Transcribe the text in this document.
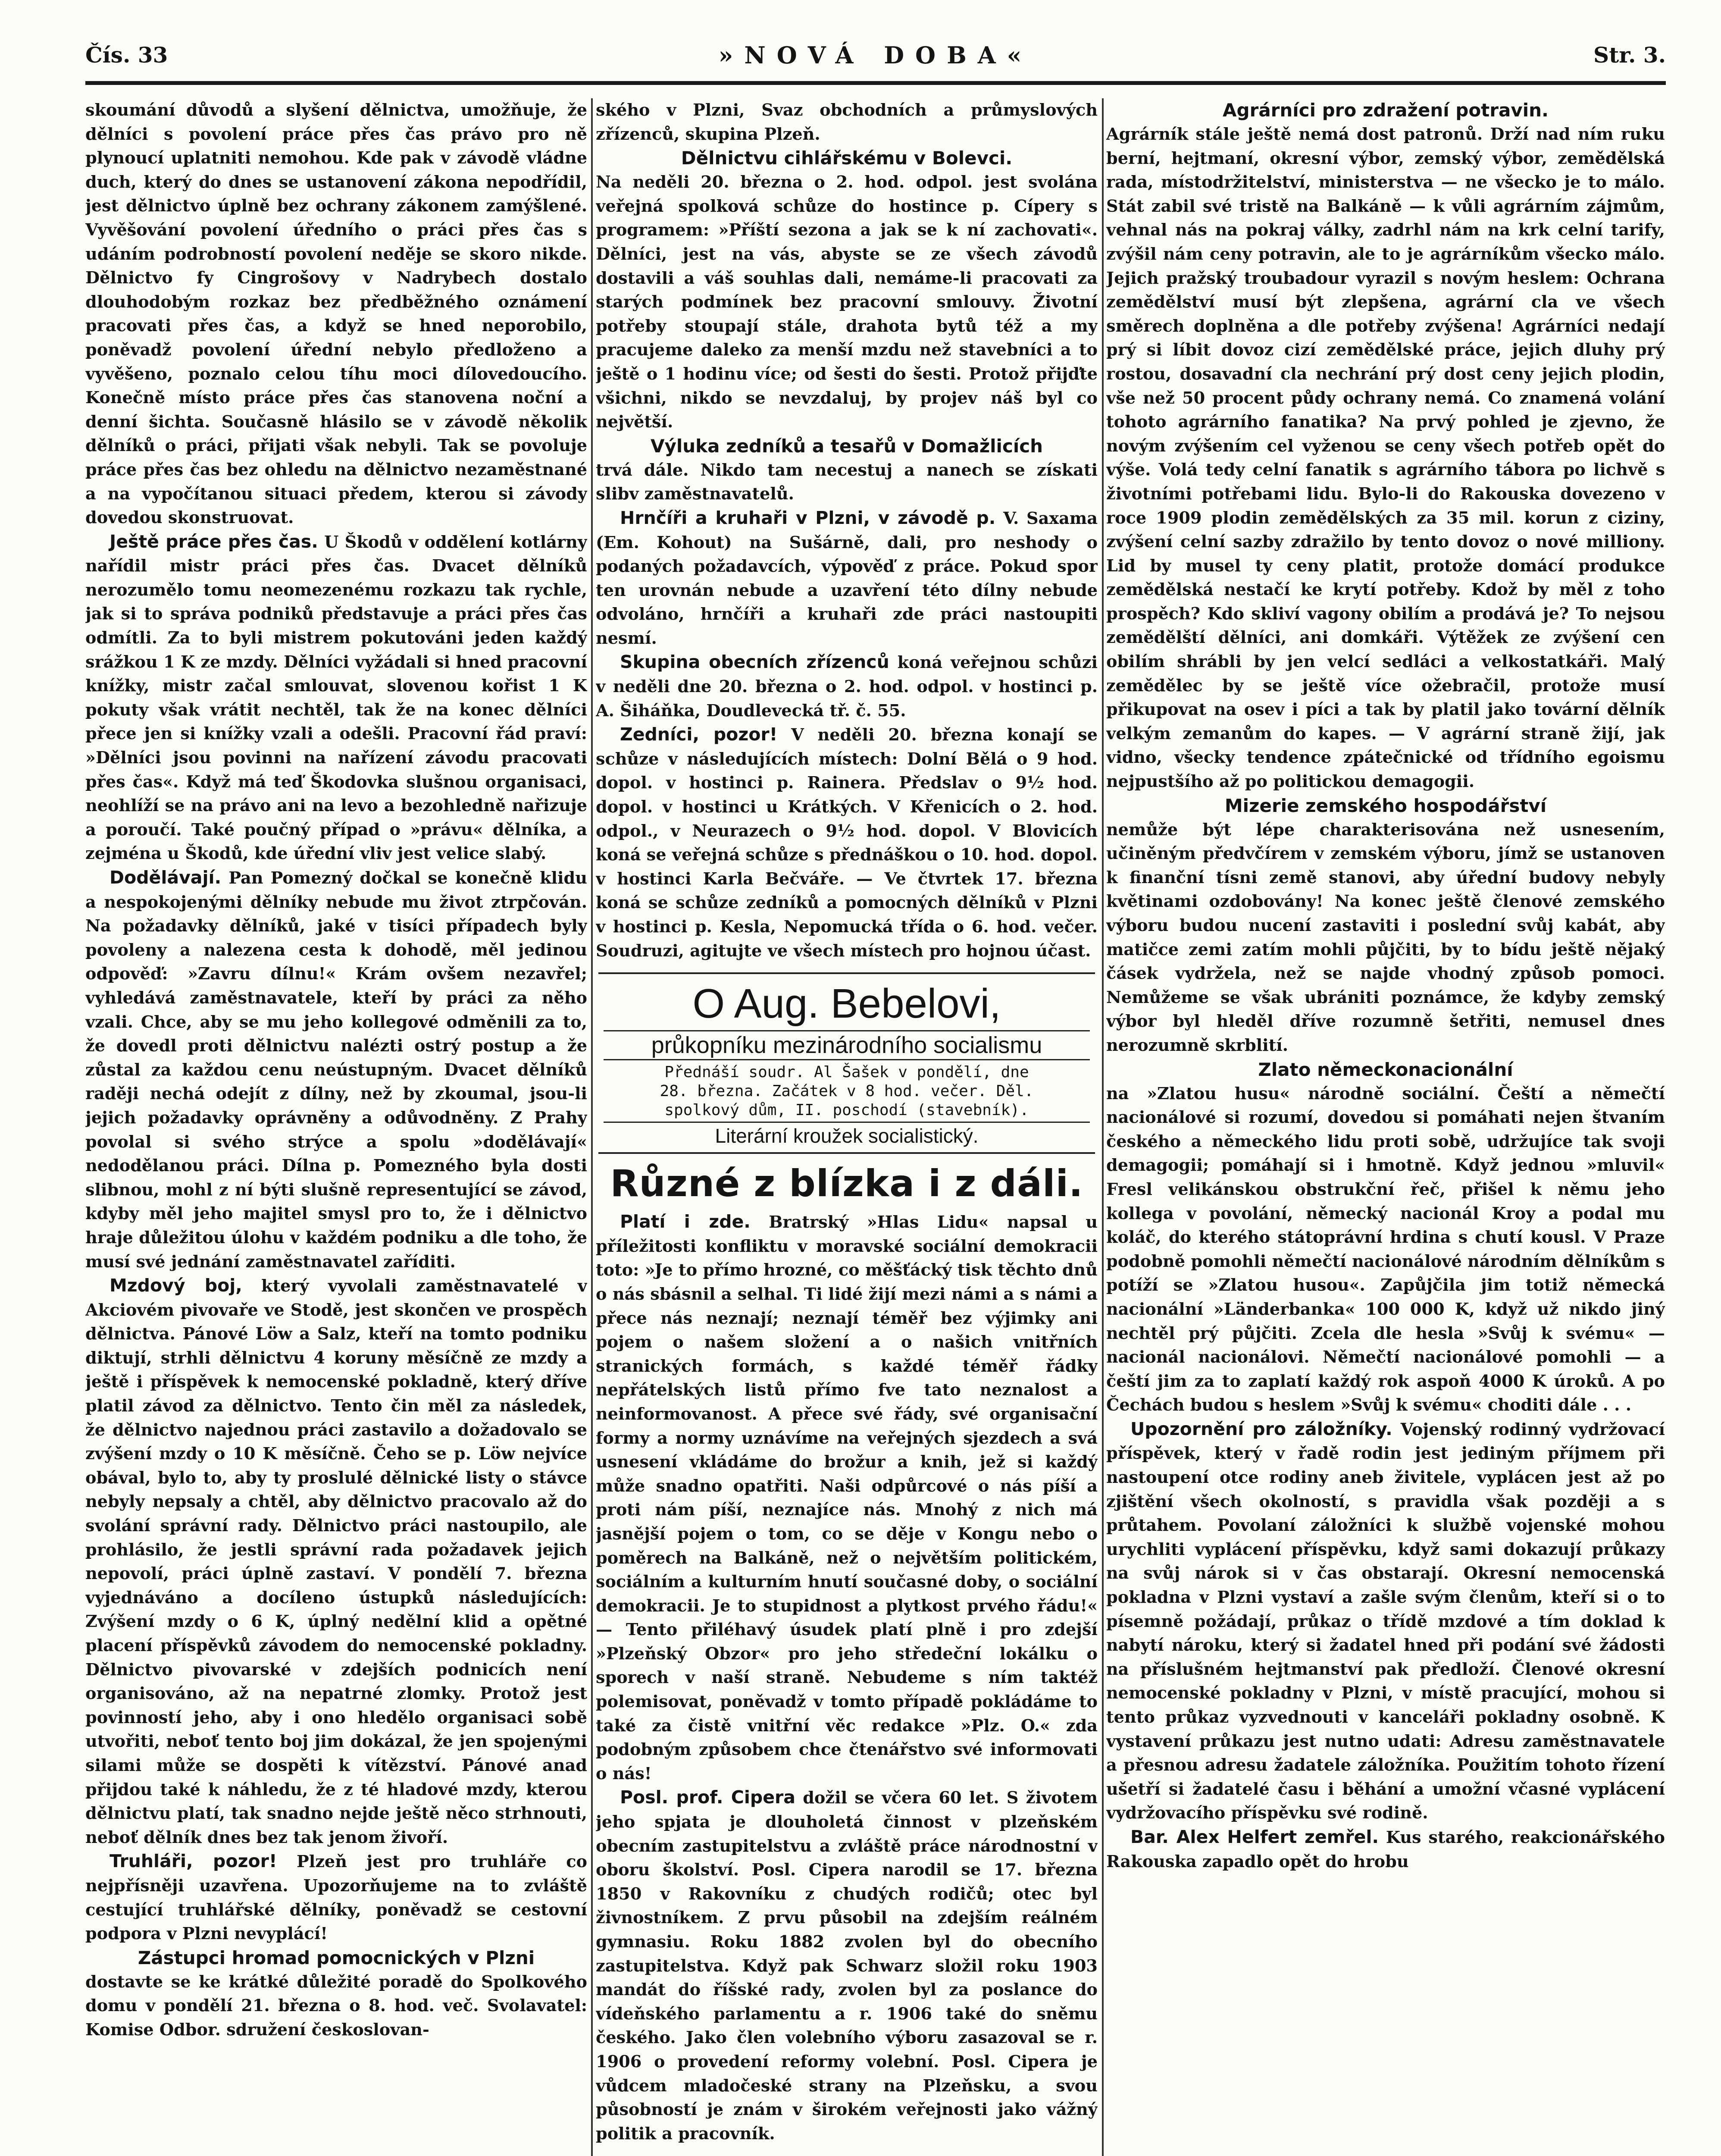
Čís. 33	»NOVÁ DOBA«	Str. 3.

skoumání důvodů a slyšení dělnictva, umožňuje, že dělníci s povolení práce přes čas právo pro ně plynoucí uplatniti nemohou. Kde pak v závodě vládne duch, který do dnes se ustanovení zákona nepodřídil, jest dělnictvo úplně bez ochrany zákonem zamýšlené. Vyvěšování povolení úředního o práci přes čas s udáním podrobností povolení neděje se skoro nikde. Dělnictvo fy Cingrošovy v Nadrybech dostalo dlouhodobým rozkaz bez předběžného oznámení pracovati přes čas, a když se hned neporobilo, poněvadž povolení úřední nebylo předloženo a vyvěšeno, poznalo celou tíhu moci dílovedoucího. Konečně místo práce přes čas stanovena noční a denní šichta. Současně hlásilo se v závodě několik dělníků o práci, přijati však nebyli. Tak se povoluje práce přes čas bez ohledu na dělnictvo nezaměstnané a na vypočítanou situaci předem, kterou si závody dovedou skonstruovat.

Ještě práce přes čas. U Škodů v oddělení kotlárny nařídil mistr práci přes čas. Dvacet dělníků nerozumělo tomu neomezenému rozkazu tak rychle, jak si to správa podniků představuje a práci přes čas odmítli. Za to byli mistrem pokutováni jeden každý srážkou 1 K ze mzdy. Dělníci vyžádali si hned pracovní knížky, mistr začal smlouvat, slovenou kořist 1 K pokuty však vrátit nechtěl, tak že na konec dělníci přece jen si knížky vzali a odešli. Pracovní řád praví: »Dělníci jsou povinni na nařízení závodu pracovati přes čas«. Když má teď Škodovka slušnou organisaci, neohlíží se na právo ani na levo a bezohledně nařizuje a poroučí. Také poučný případ o »právu« dělníka, a zejména u Škodů, kde úřední vliv jest velice slabý.

Dodělávají. Pan Pomezný dočkal se konečně klidu a nespokojenými dělníky nebude mu život ztrpčován. Na požadavky dělníků, jaké v tisíci případech byly povoleny a nalezena cesta k dohodě, měl jedinou odpověď: »Zavru dílnu!« Krám ovšem nezavřel; vyhledává zaměstnavatele, kteří by práci za něho vzali. Chce, aby se mu jeho kollegové odměnili za to, že dovedl proti dělnictvu nalézti ostrý postup a že zůstal za každou cenu neústupným. Dvacet dělníků raději nechá odejít z dílny, než by zkoumal, jsou-li jejich požadavky oprávněny a odůvodněny. Z Prahy povolal si svého strýce a spolu »dodělávají« nedodělanou práci. Dílna p. Pomezného byla dosti slibnou, mohl z ní býti slušně representující se závod, kdyby měl jeho majitel smysl pro to, že i dělnictvo hraje důležitou úlohu v každém podniku a dle toho, že musí své jednání zaměstnavatel zaříditi.

Mzdový boj, který vyvolali zaměstnavatelé v Akciovém pivovaře ve Stodě, jest skončen ve prospěch dělnictva. Pánové Löw a Salz, kteří na tomto podniku diktují, strhli dělnictvu 4 koruny měsíčně ze mzdy a ještě i příspěvek k nemocenské pokladně, který dříve platil závod za dělnictvo. Tento čin měl za následek, že dělnictvo najednou práci zastavilo a dožadovalo se zvýšení mzdy o 10 K měsíčně. Čeho se p. Löw nejvíce obával, bylo to, aby ty proslulé dělnické listy o stávce nebyly nepsaly a chtěl, aby dělnictvo pracovalo až do svolání správní rady. Dělnictvo práci nastoupilo, ale prohlásilo, že jestli správní rada požadavek jejich nepovolí, práci úplně zastaví. V pondělí 7. března vyjednáváno a docíleno ústupků následujících: Zvýšení mzdy o 6 K, úplný nedělní klid a opětné placení příspěvků závodem do nemocenské pokladny. Dělnictvo pivovarské v zdejších podnicích není organisováno, až na nepatrné zlomky. Protož jest povinností jeho, aby i ono hledělo organisaci sobě utvořiti, neboť tento boj jim dokázal, že jen spojenými silami může se dospěti k vítězství. Pánové anad přijdou také k náhledu, že z té hladové mzdy, kterou dělnictvu platí, tak snadno nejde ještě něco strhnouti, neboť dělník dnes bez tak jenom živoří.

Truhláři, pozor! Plzeň jest pro truhláře co nejpřísněji uzavřena. Upozorňujeme na to zvláště cestující truhlářské dělníky, poněvadž se cestovní podpora v Plzni nevyplácí!

Zástupci hromad pomocnických v Plzni

dostavte se ke krátké důležité poradě do Spolkového domu v pondělí 21. března o 8. hod. več. Svolavatel: Komise Odbor. sdružení českoslovan-

ského v Plzni, Svaz obchodních a průmyslových zřízenců, skupina Plzeň.

Dělnictvu cihlářskému v Bolevci.

Na neděli 20. března o 2. hod. odpol. jest svolána veřejná spolková schůze do hostince p. Cípery s programem: »Příští sezona a jak se k ní zachovati«. Dělníci, jest na vás, abyste se ze všech závodů dostavili a váš souhlas dali, nemáme-li pracovati za starých podmínek bez pracovní smlouvy. Životní potřeby stoupají stále, drahota bytů též a my pracujeme daleko za menší mzdu než stavebníci a to ještě o 1 hodinu více; od šesti do šesti. Protož přijďte všichni, nikdo se nevzdaluj, by projev náš byl co největší.

Výluka zedníků a tesařů v Domažlicích

trvá dále. Nikdo tam necestuj a nanech se získati slibv zaměstnavatelů.

Hrnčíři a kruhaři v Plzni, v závodě p. V. Saxama (Em. Kohout) na Sušárně, dali, pro neshody o podaných požadavcích, výpověď z práce. Pokud spor ten urovnán nebude a uzavření této dílny nebude odvoláno, hrnčíři a kruhaři zde práci nastoupiti nesmí.

Skupina obecních zřízenců koná veřejnou schůzi v neděli dne 20. března o 2. hod. odpol. v hostinci p. A. Šiháňka, Doudlevecká tř. č. 55.

Zedníci, pozor! V neděli 20. března konají se schůze v následujících místech: Dolní Bělá o 9 hod. dopol. v hostinci p. Rainera. Předslav o 9½ hod. dopol. v hostinci u Krátkých. V Křenicích o 2. hod. odpol., v Neurazech o 9½ hod. dopol. V Blovicích koná se veřejná schůze s přednáškou o 10. hod. dopol. v hostinci Karla Bečváře. — Ve čtvrtek 17. března koná se schůze zedníků a pomocných dělníků v Plzni v hostinci p. Kesla, Nepomucká třída o 6. hod. večer. Soudruzi, agitujte ve všech místech pro hojnou účast.

O Aug. Bebelovi,
průkopníku mezinárodního socialismu
Přednáší soudr. Al Šašek v pondělí, dne
28. března. Začátek v 8 hod. večer. Děl.
spolkový dům, II. poschodí (stavebník).
Literární kroužek socialistický.
Různé z blízka i z dáli.

Platí i zde. Bratrský »Hlas Lidu« napsal u příležitosti konfliktu v moravské sociální demokracii toto: »Je to přímo hrozné, co měšťácký tisk těchto dnů o nás sbásnil a selhal. Ti lidé žijí mezi námi a s námi a přece nás neznají; neznají téměř bez výjimky ani pojem o našem složení a o našich vnitřních stranických formách, s každé téměř řádky nepřátelských listů přímo fve tato neznalost a neinformovanost. A přece své řády, své organisační formy a normy uznávíme na veřejných sjezdech a svá usnesení vkládáme do brožur a knih, jež si každý může snadno opatřiti. Naši odpůrcové o nás píší a proti nám píší, neznajíce nás. Mnohý z nich má jasnější pojem o tom, co se děje v Kongu nebo o poměrech na Balkáně, než o největším politickém, sociálním a kulturním hnutí současné doby, o sociální demokracii. Je to stupidnost a plytkost prvého řádu!« — Tento přiléhavý úsudek platí plně i pro zdejší »Plzeňský Obzor« pro jeho středeční lokálku o sporech v naší straně. Nebudeme s ním taktéž polemisovat, poněvadž v tomto případě pokládáme to také za čistě vnitřní věc redakce »Plz. O.« zda podobným způsobem chce čtenářstvo své informovati o nás!

Posl. prof. Cipera dožil se včera 60 let. S životem jeho spjata je dlouholetá činnost v plzeňském obecním zastupitelstvu a zvláště práce národnostní v oboru školství. Posl. Cipera narodil se 17. března 1850 v Rakovníku z chudých rodičů; otec byl živnostníkem. Z prvu působil na zdejším reálném gymnasiu. Roku 1882 zvolen byl do obecního zastupitelstva. Když pak Schwarz složil roku 1903 mandát do říšské rady, zvolen byl za poslance do vídeňského parlamentu a r. 1906 také do sněmu českého. Jako člen volebního výboru zasazoval se r. 1906 o provedení reformy volební. Posl. Cipera je vůdcem mladočeské strany na Plzeňsku, a svou působností je znám v širokém veřejnosti jako vážný politik a pracovník.

Agrárníci pro zdražení potravin.

Agrárník stále ještě nemá dost patronů. Drží nad ním ruku berní, hejtmaní, okresní výbor, zemský výbor, zemědělská rada, místodržitelství, ministerstva — ne všecko je to málo. Stát zabil své tristě na Balkáně — k vůli agrárním zájmům, vehnal nás na pokraj války, zadrhl nám na krk celní tarify, zvýšil nám ceny potravin, ale to je agrárníkům všecko málo. Jejich pražský troubadour vyrazil s novým heslem: Ochrana zemědělství musí být zlepšena, agrární cla ve všech směrech doplněna a dle potřeby zvýšena! Agrárníci nedají prý si líbit dovoz cizí zemědělské práce, jejich dluhy prý rostou, dosavadní cla nechrání prý dost ceny jejich plodin, vše než 50 procent půdy ochrany nemá. Co znamená volání tohoto agrárního fanatika? Na prvý pohled je zjevno, že novým zvýšením cel vyženou se ceny všech potřeb opět do výše. Volá tedy celní fanatik s agrárního tábora po lichvě s životními potřebami lidu. Bylo-li do Rakouska dovezeno v roce 1909 plodin zemědělských za 35 mil. korun z ciziny, zvýšení celní sazby zdražilo by tento dovoz o nové milliony. Lid by musel ty ceny platit, protože domácí produkce zemědělská nestačí ke krytí potřeby. Kdož by měl z toho prospěch? Kdo skliví vagony obilím a prodává je? To nejsou zemědělští dělníci, ani domkáři. Výtěžek ze zvýšení cen obilím shrábli by jen velcí sedláci a velkostatkáři. Malý zemědělec by se ještě více ožebračil, protože musí přikupovat na osev i píci a tak by platil jako tovární dělník velkým zemanům do kapes. — V agrární straně žijí, jak vidno, všecky tendence zpátečnické od třídního egoismu nejpustšího až po politickou demagogii.

Mizerie zemského hospodářství

nemůže být lépe charakterisována než usnesením, učiněným předvčírem v zemském výboru, jímž se ustanoven k finanční tísni země stanovi, aby úřední budovy nebyly květinami ozdobovány! Na konec ještě členové zemského výboru budou nucení zastaviti i poslední svůj kabát, aby matičce zemi zatím mohli půjčiti, by to bídu ještě nějaký čásek vydržela, než se najde vhodný způsob pomoci. Nemůžeme se však ubrániti poznámce, že kdyby zemský výbor byl hleděl dříve rozumně šetřiti, nemusel dnes nerozumně skrblití.

Zlato německonacionální

na »Zlatou husu« národně sociální. Čeští a němečtí nacionálové si rozumí, dovedou si pomáhati nejen štvaním českého a německého lidu proti sobě, udržujíce tak svoji demagogii; pomáhají si i hmotně. Když jednou »mluvil« Fresl velikánskou obstrukční řeč, přišel k němu jeho kollega v povolání, německý nacionál Kroy a podal mu koláč, do kterého státoprávní hrdina s chutí kousl. V Praze podobně pomohli němečtí nacionálové národním dělníkům s potíží se »Zlatou husou«. Zapůjčila jim totiž německá nacionální »Länderbanka« 100 000 K, když už nikdo jiný nechtěl prý půjčiti. Zcela dle hesla »Svůj k svému« — nacionál nacionálovi. Němečtí nacionálové pomohli — a čeští jim za to zaplatí každý rok aspoň 4000 K úroků. A po Čechách budou s heslem »Svůj k svému« choditi dále . . .

Upozornění pro záložníky. Vojenský rodinný vydržovací příspěvek, který v řadě rodin jest jediným příjmem při nastoupení otce rodiny aneb živitele, vyplácen jest až po zjištění všech okolností, s pravidla však později a s průtahem. Povolaní záložníci k službě vojenské mohou urychliti vyplácení příspěvku, když sami dokazují průkazy na svůj nárok si v čas obstarají. Okresní nemocenská pokladna v Plzni vystaví a zašle svým členům, kteří si o to písemně požádají, průkaz o třídě mzdové a tím doklad k nabytí nároku, který si žadatel hned při podání své žádosti na příslušném hejtmanství pak předloží. Členové okresní nemocenské pokladny v Plzni, v místě pracující, mohou si tento průkaz vyzvednouti v kanceláři pokladny osobně. K vystavení průkazu jest nutno udati: Adresu zaměstnavatele a přesnou adresu žadatele záložníka. Použitím tohoto řízení ušetří si žadatelé času i běhání a umožní včasné vyplácení vydržovacího příspěvku své rodině.

Bar. Alex Helfert zemřel. Kus starého, reakcionářského Rakouska zapadlo opět do hrobu
